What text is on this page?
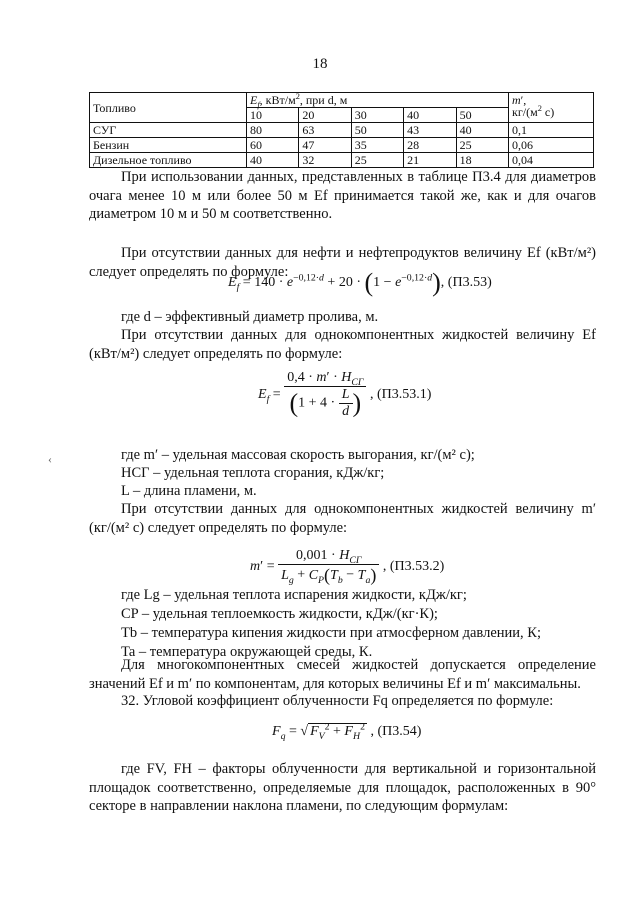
18
Топливо	$E_f$, кВт/$м^2$, при d, м					m′,
$кг/(м^2$ с)
	10	20	30	40	50	
СУГ	80	63	50	43	40	0,1
Бензин	60	47	35	28	25	0,06
Дизельное топливо	40	32	25	21	18	0,04
При использовании данных, представленных в таблице П3.4 для диаметров
очага менее 10 м или более 50 м Ef принимается такой же, как и для очагов
диаметром 10 м и 50 м соответственно.
При отсутствии данных для нефти и нефтепродуктов величину Ef (кВт/м²)
следует определять по формуле:
$E_f = 140 \cdot e^{-0,12\cdot d} + 20 \cdot (1 - e^{-0,12\cdot d})$, (П3.53)
где d – эффективный диаметр пролива, м.
При отсутствии данных для однокомпонентных жидкостей величину Ef
(кВт/м²) следует определять по формуле:
$E_f = \frac{0,4 \cdot m' \cdot H_{СГ}}{(1 + 4 \cdot \frac{L}{d} )}$ , (П3.53.1)
где m′ – удельная массовая скорость выгорания, кг/(м² с);
HСГ – удельная теплота сгорания, кДж/кг;
L – длина пламени, м.
При отсутствии данных для однокомпонентных жидкостей величину m′
(кг/(м² с) следует определять по формуле:
$m' = \frac{0,001 \cdot H_{СГ}}{L_g + C_P(T_b - T_a)}$ , (П3.53.2)
где Lg – удельная теплота испарения жидкости, кДж/кг;
CP – удельная теплоемкость жидкости, кДж/(кг·К);
Tb – температура кипения жидкости при атмосферном давлении, К;
Ta – температура окружающей среды, К.
Для многокомпонентных смесей жидкостей допускается определение
значений Ef и m′ по компонентам, для которых величины Ef и m′ максимальны.
32. Угловой коэффициент облученности Fq определяется по формуле:
$F_q$ = √ $F_V^2 + F_H^2$ , (П3.54)
где FV, FH – факторы облученности для вертикальной и горизонтальной
площадок соответственно, определяемые для площадок, расположенных в 90°
секторе в направлении наклона пламени, по следующим формулам:
‹
